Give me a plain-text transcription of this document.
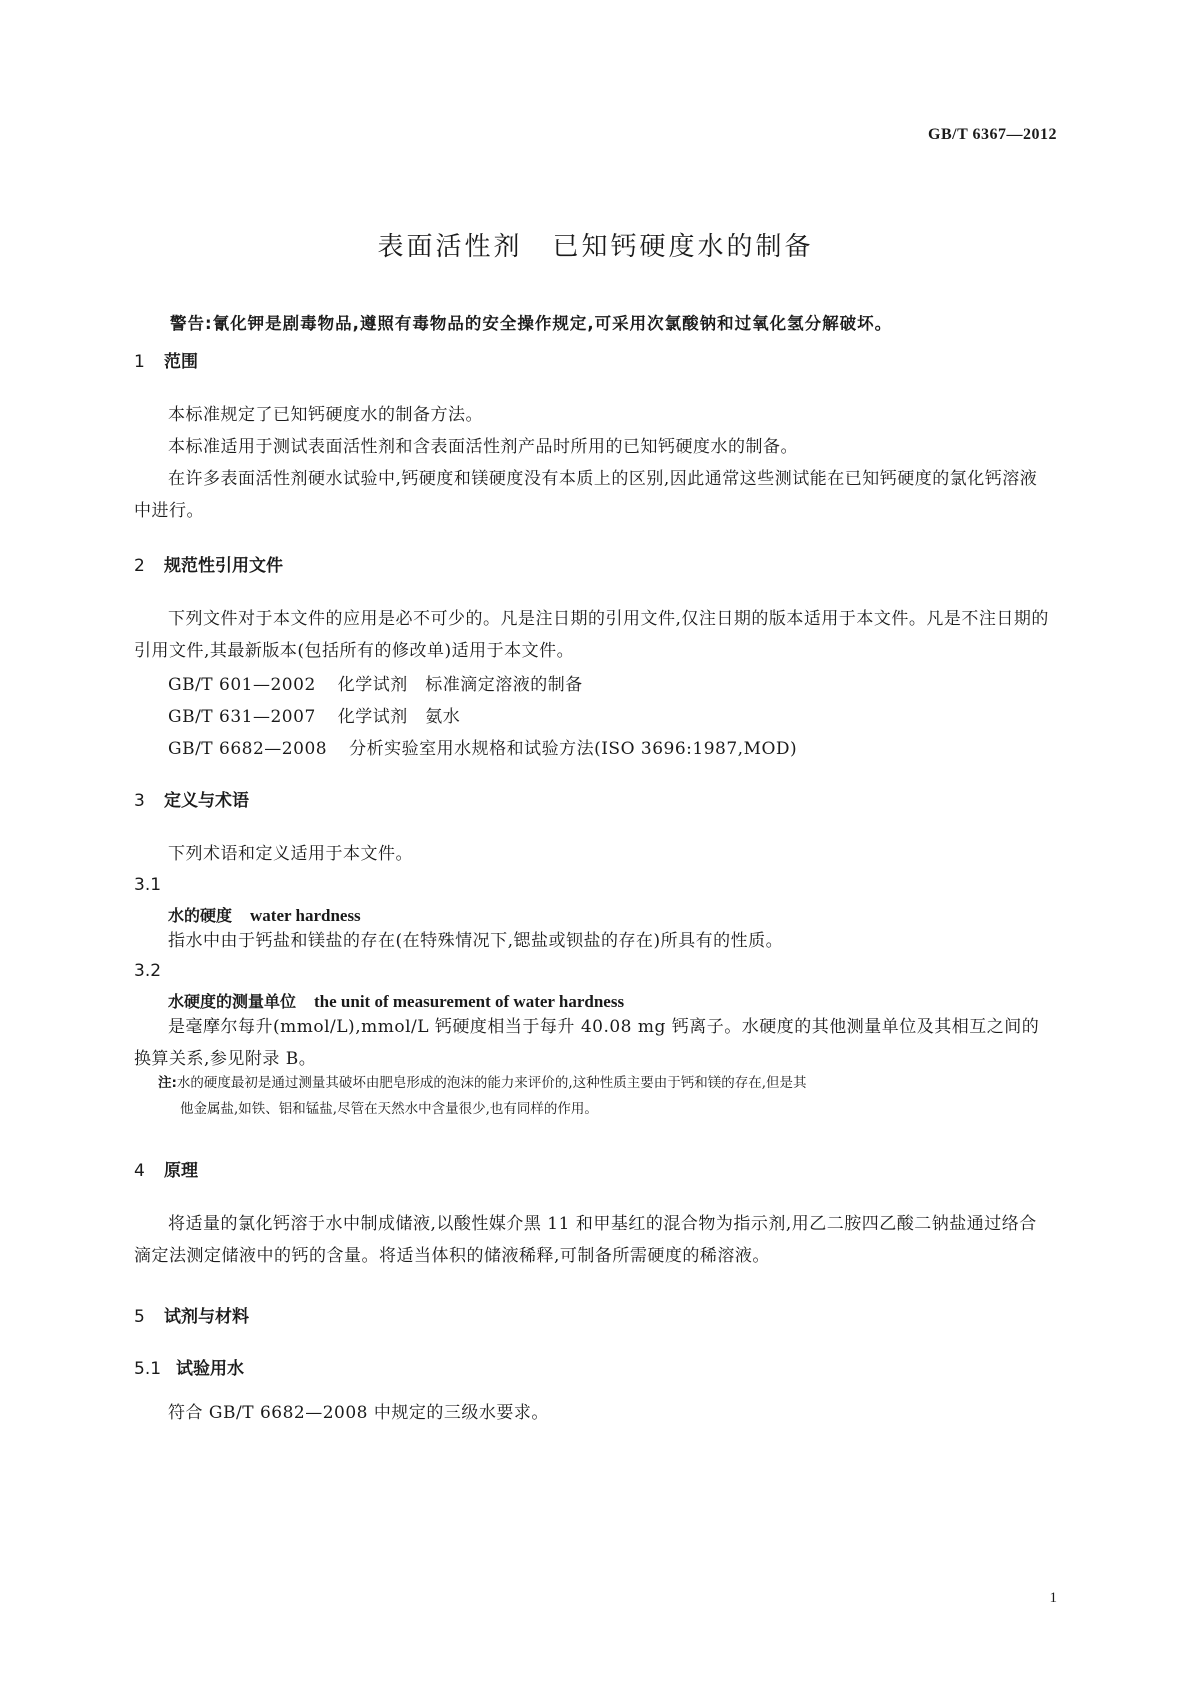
GB/T 6367—2012
表面活性剂 已知钙硬度水的制备
警告:氰化钾是剧毒物品,遵照有毒物品的安全操作规定,可采用次氯酸钠和过氧化氢分解破坏。
1 范围
本标准规定了已知钙硬度水的制备方法。
本标准适用于测试表面活性剂和含表面活性剂产品时所用的已知钙硬度水的制备。
在许多表面活性剂硬水试验中,钙硬度和镁硬度没有本质上的区别,因此通常这些测试能在已知钙硬度的氯化钙溶液中进行。
2 规范性引用文件
下列文件对于本文件的应用是必不可少的。凡是注日期的引用文件,仅注日期的版本适用于本文件。凡是不注日期的引用文件,其最新版本(包括所有的修改单)适用于本文件。
GB/T 601—2002 化学试剂　标准滴定溶液的制备
GB/T 631—2007 化学试剂　氨水
GB/T 6682—2008 分析实验室用水规格和试验方法(ISO 3696:1987,MOD)
3 定义与术语
下列术语和定义适用于本文件。
3.1
水的硬度 water hardness
指水中由于钙盐和镁盐的存在(在特殊情况下,锶盐或钡盐的存在)所具有的性质。
3.2
水硬度的测量单位 the unit of measurement of water hardness
是毫摩尔每升(mmol/L),mmol/L 钙硬度相当于每升 40.08 mg 钙离子。水硬度的其他测量单位及其相互之间的换算关系,参见附录 B。
注:水的硬度最初是通过测量其破坏由肥皂形成的泡沫的能力来评价的,这种性质主要由于钙和镁的存在,但是其
他金属盐,如铁、铝和锰盐,尽管在天然水中含量很少,也有同样的作用。
4 原理
将适量的氯化钙溶于水中制成储液,以酸性媒介黑 11 和甲基红的混合物为指示剂,用乙二胺四乙酸二钠盐通过络合滴定法测定储液中的钙的含量。将适当体积的储液稀释,可制备所需硬度的稀溶液。
5 试剂与材料
5.1 试验用水
符合 GB/T 6682—2008 中规定的三级水要求。
1
